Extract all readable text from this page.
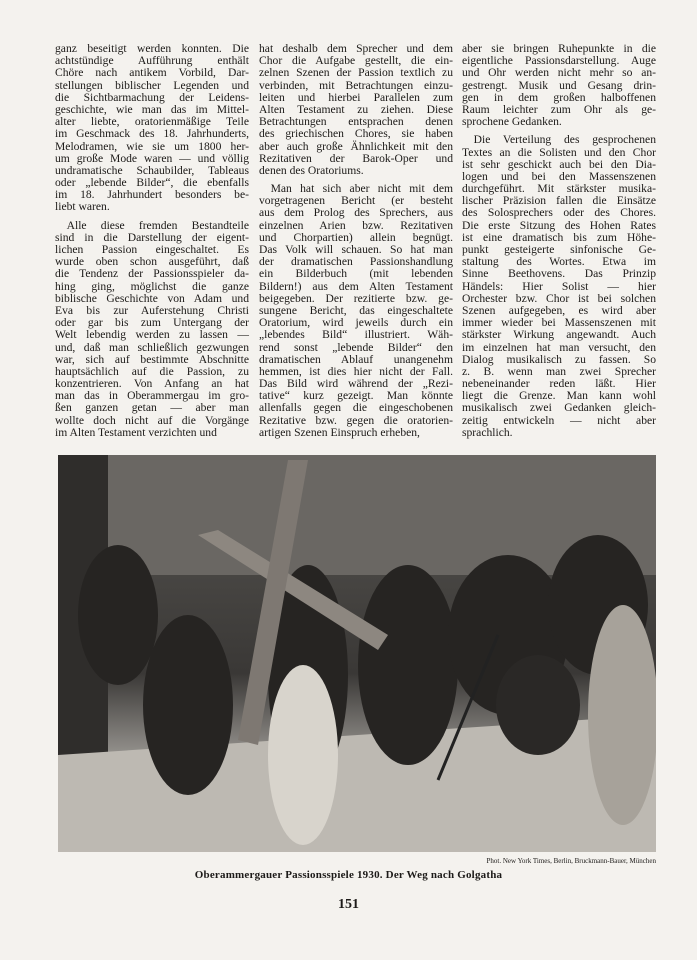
ganz beseitigt werden konnten. Die
achtstündige Aufführung enthält
Chöre nach antikem Vorbild, Dar-
stellungen biblischer Legenden und
die Sichtbarmachung der Leidens-
geschichte, wie man das im Mittel-
alter liebte, oratorienmäßige Teile
im Geschmack des 18. Jahrhunderts,
Melodramen, wie sie um 1800 her-
um große Mode waren — und völlig
undramatische Schaubilder, Tableaus
oder „lebende Bilder“, die ebenfalls
im 18. Jahrhundert besonders be-
liebt waren.
 Alle diese fremden Bestandteile
sind in die Darstellung der eigent-
lichen Passion eingeschaltet. Es
wurde oben schon ausgeführt, daß
die Tendenz der Passionsspieler da-
hing ging, möglichst die ganze
biblische Geschichte von Adam und
Eva bis zur Auferstehung Christi
oder gar bis zum Untergang der
Welt lebendig werden zu lassen —
und, daß man schließlich gezwungen
war, sich auf bestimmte Abschnitte
hauptsächlich auf die Passion, zu
konzentrieren. Von Anfang an hat
man das in Oberammergau im gro-
ßen ganzen getan — aber man
wollte doch nicht auf die Vorgänge
im Alten Testament verzichten und
hat deshalb dem Sprecher und dem
Chor die Aufgabe gestellt, die ein-
zelnen Szenen der Passion textlich zu
verbinden, mit Betrachtungen einzu-
leiten und hierbei Parallelen zum
Alten Testament zu ziehen. Diese
Betrachtungen entsprachen denen
des griechischen Chores, sie haben
aber auch große Ähnlichkeit mit den
Rezitativen der Barok-Oper und
denen des Oratoriums.
 Man hat sich aber nicht mit dem
vorgetragenen Bericht (er besteht
aus dem Prolog des Sprechers, aus
einzelnen Arien bzw. Rezitativen
und Chorpartien) allein begnügt.
Das Volk will schauen. So hat man
der dramatischen Passionshandlung
ein Bilderbuch (mit lebenden
Bildern!) aus dem Alten Testament
beigegeben. Der rezitierte bzw. ge-
sungene Bericht, das eingeschaltete
Oratorium, wird jeweils durch ein
„lebendes Bild“ illustriert. Wäh-
rend sonst „lebende Bilder“ den
dramatischen Ablauf unangenehm
hemmen, ist dies hier nicht der Fall.
Das Bild wird während der „Rezi-
tative“ kurz gezeigt. Man könnte
allenfalls gegen die eingeschobenen
Rezitative bzw. gegen die oratorien-
artigen Szenen Einspruch erheben,
aber sie bringen Ruhepunkte in die
eigentliche Passionsdarstellung. Auge
und Ohr werden nicht mehr so an-
gestrengt. Musik und Gesang drin-
gen in dem großen halboffenen
Raum leichter zum Ohr als ge-
sprochene Gedanken.
 Die Verteilung des gesprochenen
Textes an die Solisten und den Chor
ist sehr geschickt auch bei den Dia-
logen und bei den Massenszenen
durchgeführt. Mit stärkster musika-
lischer Präzision fallen die Einsätze
des Solosprechers oder des Chores.
Die erste Sitzung des Hohen Rates
ist eine dramatisch bis zum Höhe-
punkt gesteigerte sinfonische Ge-
staltung des Wortes. Etwa im
Sinne Beethovens. Das Prinzip
Händels: Hier Solist — hier
Orchester bzw. Chor ist bei solchen
Szenen aufgegeben, es wird aber
immer wieder bei Massenszenen mit
stärkster Wirkung angewandt. Auch
im einzelnen hat man versucht, den
Dialog musikalisch zu fassen. So
z. B. wenn man zwei Sprecher
nebeneinander reden läßt. Hier
liegt die Grenze. Man kann wohl
musikalisch zwei Gedanken gleich-
zeitig entwickeln — nicht aber
sprachlich.
Phot. New York Times, Berlin, Bruckmann-Bauer, München
Oberammergauer Passionsspiele 1930. Der Weg nach Golgatha
151
